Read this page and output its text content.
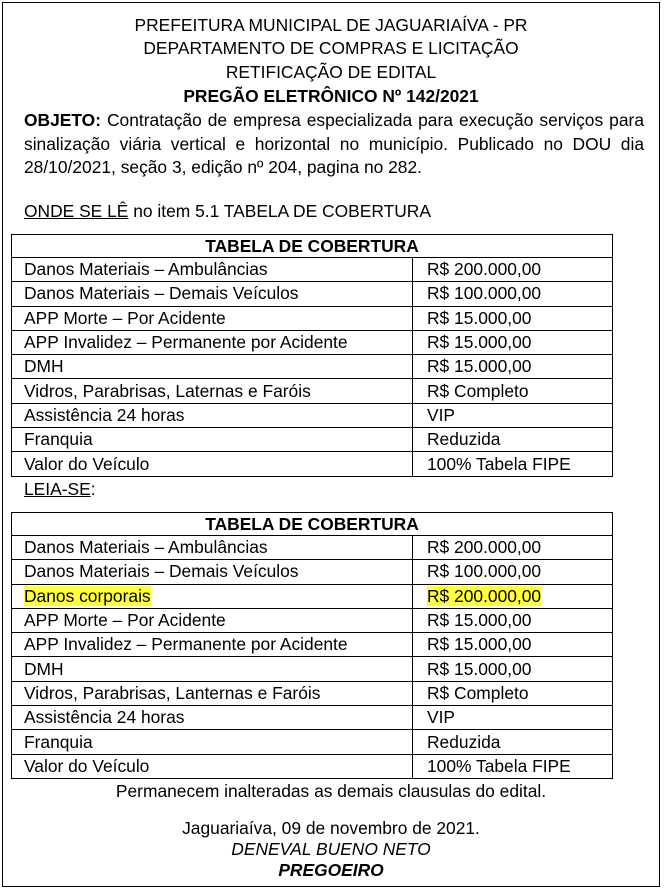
PREFEITURA MUNICIPAL DE JAGUARIAÍVA - PR
DEPARTAMENTO DE COMPRAS E LICITAÇÃO
RETIFICAÇÃO DE EDITAL
PREGÃO ELETRÔNICO Nº 142/2021

OBJETO: Contratação de empresa especializada para execução serviços para sinalização viária vertical e horizontal no município. Publicado no DOU dia 28/10/2021, seção 3, edição nº 204, pagina no 282.

ONDE SE LÊ no item 5.1 TABELA DE COBERTURA
TABELA DE COBERTURA	
Danos Materiais – Ambulâncias	R$ 200.000,00
Danos Materiais – Demais Veículos	R$ 100.000,00
APP Morte – Por Acidente	R$ 15.000,00
APP Invalidez – Permanente por Acidente	R$ 15.000,00
DMH	R$ 15.000,00
Vidros, Parabrisas, Laternas e Faróis	R$ Completo
Assistência 24 horas	VIP
Franquia	Reduzida
Valor do Veículo	100% Tabela FIPE
LEIA-SE:
TABELA DE COBERTURA	
Danos Materiais – Ambulâncias	R$ 200.000,00
Danos Materiais – Demais Veículos	R$ 100.000,00
Danos corporais	R$ 200.000,00
APP Morte – Por Acidente	R$ 15.000,00
APP Invalidez – Permanente por Acidente	R$ 15.000,00
DMH	R$ 15.000,00
Vidros, Parabrisas, Lanternas e Faróis	R$ Completo
Assistência 24 horas	VIP
Franquia	Reduzida
Valor do Veículo	100% Tabela FIPE
Permanecem inalteradas as demais clausulas do edital.
Jaguariaíva, 09 de novembro de 2021.
DENEVAL BUENO NETO
PREGOEIRO
